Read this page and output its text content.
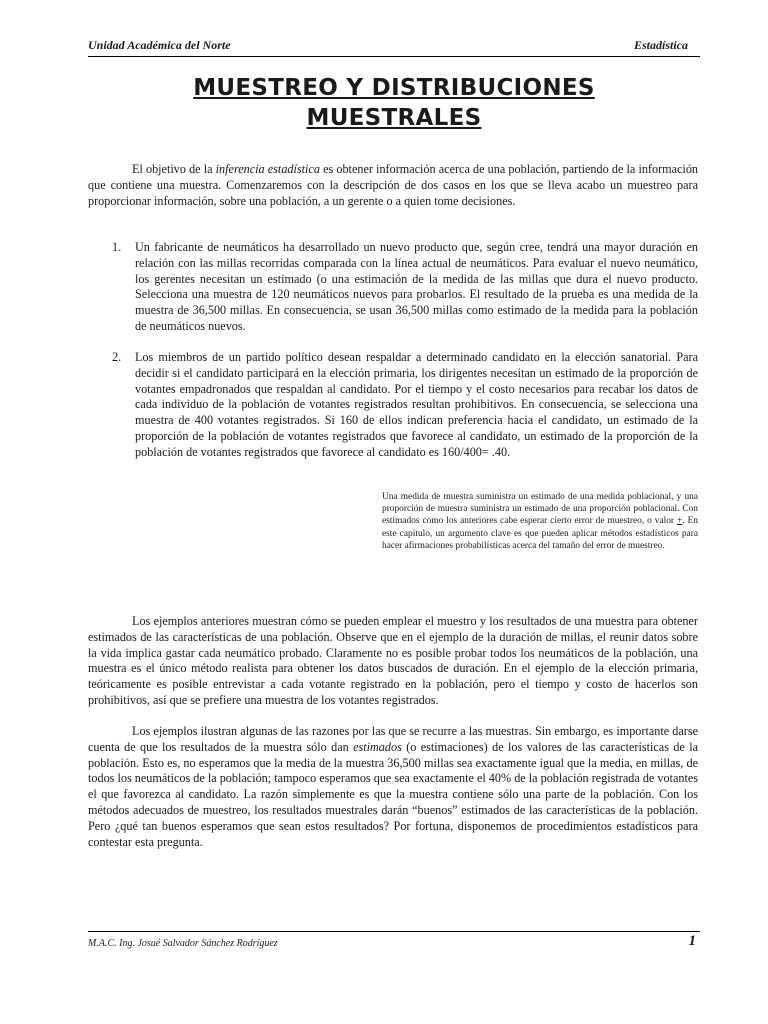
Unidad Académica del Norte	Estadística
MUESTREO Y DISTRIBUCIONES
MUESTRALES

El objetivo de la inferencia estadística es obtener información acerca de una población, partiendo de la información que contiene una muestra. Comenzaremos con la descripción de dos casos en los que se lleva acabo un muestreo para proporcionar información, sobre una población, a un gerente o a quien tome decisiones.

1. Un fabricante de neumáticos ha desarrollado un nuevo producto que, según cree, tendrá una mayor duración en relación con las millas recorridas comparada con la línea actual de neumáticos. Para evaluar el nuevo neumático, los gerentes necesitan un estimado (o una estimación de la medida de las millas que dura el nuevo producto. Selecciona una muestra de 120 neumáticos nuevos para probarlos. El resultado de la prueba es una medida de la muestra de 36,500 millas. En consecuencia, se usan 36,500 millas como estimado de la medida para la población de neumáticos nuevos.
2. Los miembros de un partido político desean respaldar a determinado candidato en la elección sanatorial. Para decidir si el candidato participará en la elección primaria, los dirigentes necesitan un estimado de la proporción de votantes empadronados que respaldan al candidato. Por el tiempo y el costo necesarios para recabar los datos de cada individuo de la población de votantes registrados resultan prohibitivos. En consecuencia, se selecciona una muestra de 400 votantes registrados. Si 160 de ellos indican preferencia hacia el candidato, un estimado de la proporción de la población de votantes registrados que favorece al candidato, un estimado de la proporción de la población de votantes registrados que favorece al candidato es 160/400= .40.
Una medida de muestra suministra un estimado de una medida poblacional, y una proporción de muestra suministra un estimado de una proporción poblacional. Con estimados como los anteriores cabe esperar cierto error de muestreo, o valor +. En este capítulo, un argumento clave es que pueden aplicar métodos estadísticos para hacer afirmaciones probabilísticas acerca del tamaño del error de muestreo.

Los ejemplos anteriores muestran cómo se pueden emplear el muestro y los resultados de una muestra para obtener estimados de las características de una población. Observe que en el ejemplo de la duración de millas, el reunir datos sobre la vida implica gastar cada neumático probado. Claramente no es posible probar todos los neumáticos de la población, una muestra es el único método realista para obtener los datos buscados de duración. En el ejemplo de la elección primaria, teóricamente es posible entrevistar a cada votante registrado en la población, pero el tiempo y costo de hacerlos son prohibitivos, así que se prefiere una muestra de los votantes registrados.

Los ejemplos ilustran algunas de las razones por las que se recurre a las muestras. Sin embargo, es importante darse cuenta de que los resultados de la muestra sólo dan estimados (o estimaciones) de los valores de las características de la población. Esto es, no esperamos que la media de la muestra 36,500 millas sea exactamente igual que la media, en millas, de todos los neumáticos de la población; tampoco esperamos que sea exactamente el 40% de la población registrada de votantes el que favorezca al candidato. La razón simplemente es que la muestra contiene sólo una parte de la población. Con los métodos adecuados de muestreo, los resultados muestrales darán “buenos” estimados de las características de la población. Pero ¿qué tan buenos esperamos que sean estos resultados? Por fortuna, disponemos de procedimientos estadísticos para contestar esta pregunta.

M.A.C. Ing. Josué Salvador Sánchez Rodríguez	1
